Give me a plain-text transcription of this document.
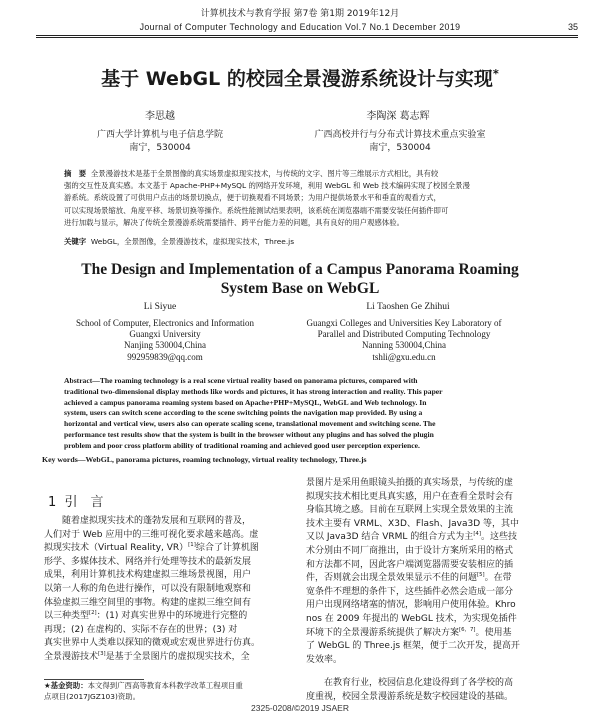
计算机技术与教育学报 第7卷 第1期 2019年12月
Journal of Computer Technology and Education Vol.7 No.1 December 2019	35
基于 WebGL 的校园全景漫游系统设计与实现*
李思越	李陶深 葛志辉
广西大学计算机与电子信息学院
南宁，530004
广西高校并行与分布式计算技术重点实验室
南宁，530004
摘　要 全景漫游技术是基于全景图像的真实场景虚拟现实技术，与传统的文字、图片等三维展示方式相比，具有较
强的交互性及真实感。本文基于 Apache-PHP+MySQL 的网络开发环境，利用 WebGL 和 Web 技术编码实现了校园全景漫
游系统。系统设置了可供用户点击的场景切换点，便于切换观看不同场景；为用户提供场景水平和垂直的观看方式，
可以实现场景缩放、角度平移、场景切换等操作。系统性能测试结果表明，该系统在浏览器端不需要安装任何插件即可
进行加载与显示，解决了传统全景漫游系统需要插件、跨平台能力差的问题，具有良好的用户观感体验。
关键字 WebGL，全景图像，全景漫游技术，虚拟现实技术，Three.js
The Design and Implementation of a Campus Panorama Roaming
System Base on WebGL
Li Siyue	Li Taoshen Ge Zhihui
School of Computer, Electronics and Information
Guangxi University
Nanjing 530004,China
992959839@qq.com
Guangxi Colleges and Universities Key Laboratory of
Parallel and Distributed Computing Technology
Nanning 530004,China
tshli@gxu.edu.cn
Abstract—The roaming technology is a real scene virtual reality based on panorama pictures, compared with
traditional two-dimensional display methods like words and pictures, it has strong interaction and reality. This paper
achieved a campus panorama roaming system based on Apache+PHP+MySQL, WebGL and Web technology. In
system, users can switch scene according to the scene switching points the navigation map provided. By using a
horizontal and vertical view, users also can operate scaling scene, translational movement and switching scene. The
performance test results show that the system is built in the browser without any plugins and has solved the plugin
problem and poor cross platform ability of traditional roaming and achieved good user perception experience.
Key words—WebGL, panorama pictures, roaming technology, virtual reality technology, Three.js
1 引　言
　　随着虚拟现实技术的蓬勃发展和互联网的普及，
人们对于 Web 应用中的三维可视化要求越来越高。虚
拟现实技术（Virtual Reality, VR）[1]综合了计算机图
形学、多媒体技术、网络并行处理等技术的最新发展
成果，利用计算机技术构建虚拟三维场景视图，用户
以第一人称的角色进行操作，可以没有限制地观察和
体验虚拟三维空间里的事物。构建的虚拟三维空间有
以三种类型[2]：(1) 对真实世界中的环境进行完整的
再现；(2) 在虚构的、实际不存在的世界；(3) 对
真实世界中人类难以探知的微观或宏观世界进行仿真。
全景漫游技术[3]是基于全景图片的虚拟现实技术，全
★基金资助：本文得到广西高等教育本科教学改革工程项目重
点项目(2017JGZ103)资助。
景图片是采用鱼眼镜头拍摄的真实场景，与传统的虚
拟现实技术相比更具真实感，用户在查看全景时会有
身临其境之感。目前在互联网上实现全景效果的主流
技术主要有 VRML、X3D、Flash、Java3D 等，其中
又以 Java3D 结合 VRML 的组合方式为主[4]。这些技
术分别由不同厂商推出，由于设计方案所采用的格式
和方法都不同，因此客户端浏览器需要安装相应的插
件，否则就会出现全景效果显示不佳的问题[5]。在带
宽条件不理想的条件下，这些插件必然会造成一部分
用户出现网络堵塞的情况，影响用户使用体验。Khro
nos 在 2009 年提出的 WebGL 技术，为实现免插件
环境下的全景漫游系统提供了解决方案[6，7]。使用基
了 WebGL 的 Three.js 框架，便于二次开发，提高开
发效率。
　　在教育行业，校园信息化建设得到了各学校的高
度重视，校园全景漫游系统是数字校园建设的基础。
2325-0208/©2019 JSAER
